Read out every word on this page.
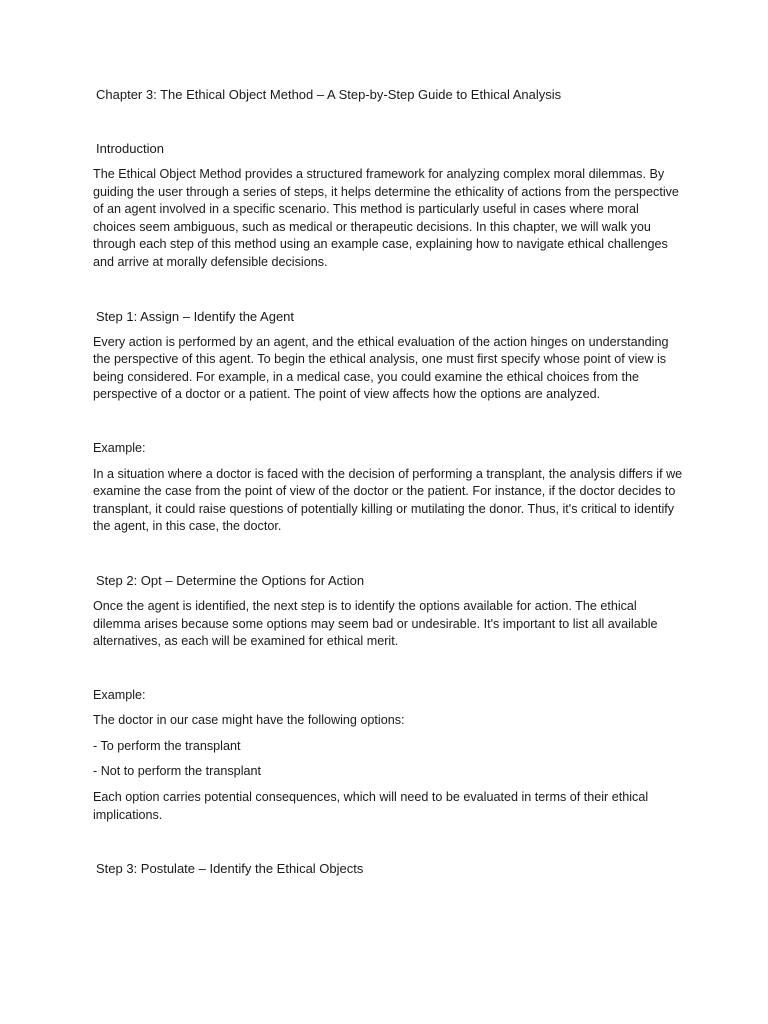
Chapter 3: The Ethical Object Method – A Step-by-Step Guide to Ethical Analysis

Introduction

The Ethical Object Method provides a structured framework for analyzing complex moral dilemmas. By guiding the user through a series of steps, it helps determine the ethicality of actions from the perspective of an agent involved in a specific scenario. This method is particularly useful in cases where moral choices seem ambiguous, such as medical or therapeutic decisions. In this chapter, we will walk you through each step of this method using an example case, explaining how to navigate ethical challenges and arrive at morally defensible decisions.

Step 1: Assign – Identify the Agent

Every action is performed by an agent, and the ethical evaluation of the action hinges on understanding the perspective of this agent. To begin the ethical analysis, one must first specify whose point of view is being considered. For example, in a medical case, you could examine the ethical choices from the perspective of a doctor or a patient. The point of view affects how the options are analyzed.

Example:

In a situation where a doctor is faced with the decision of performing a transplant, the analysis differs if we examine the case from the point of view of the doctor or the patient. For instance, if the doctor decides to transplant, it could raise questions of potentially killing or mutilating the donor. Thus, it's critical to identify the agent, in this case, the doctor.

Step 2: Opt – Determine the Options for Action

Once the agent is identified, the next step is to identify the options available for action. The ethical dilemma arises because some options may seem bad or undesirable. It's important to list all available alternatives, as each will be examined for ethical merit.

Example:

The doctor in our case might have the following options:

- To perform the transplant

- Not to perform the transplant

Each option carries potential consequences, which will need to be evaluated in terms of their ethical implications.

Step 3: Postulate – Identify the Ethical Objects
